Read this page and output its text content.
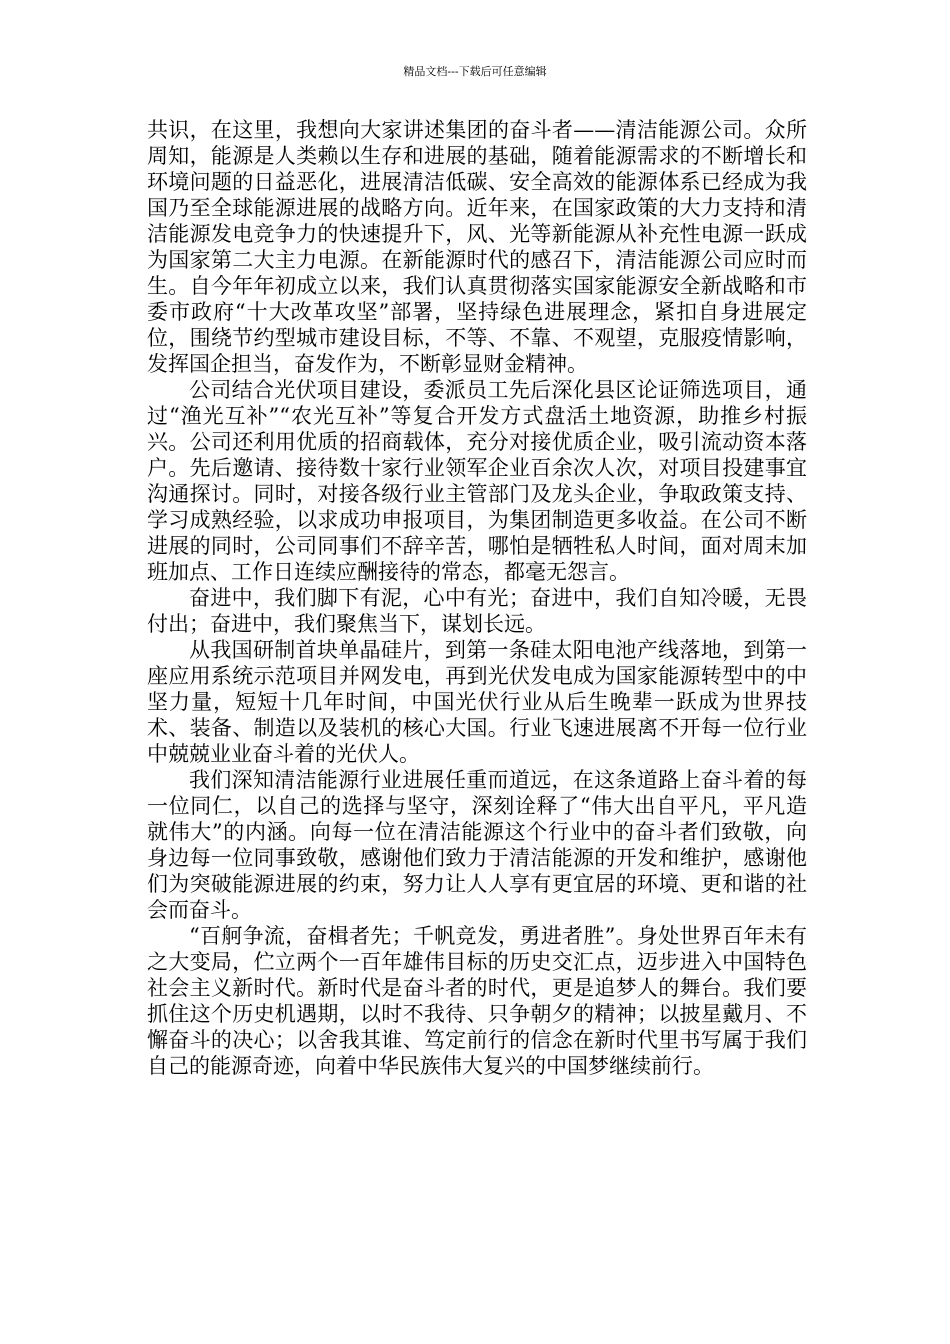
精品文档---下载后可任意编辑

共识，在这里，我想向大家讲述集团的奋斗者——清洁能源公司。众所周知，能源是人类赖以生存和进展的基础，随着能源需求的不断增长和环境问题的日益恶化，进展清洁低碳、安全高效的能源体系已经成为我国乃至全球能源进展的战略方向。近年来，在国家政策的大力支持和清洁能源发电竞争力的快速提升下，风、光等新能源从补充性电源一跃成为国家第二大主力电源。在新能源时代的感召下，清洁能源公司应时而生。自今年年初成立以来，我们认真贯彻落实国家能源安全新战略和市委市政府“十大改革攻坚”部署，坚持绿色进展理念，紧扣自身进展定位，围绕节约型城市建设目标，不等、不靠、不观望，克服疫情影响，发挥国企担当，奋发作为，不断彰显财金精神。

公司结合光伏项目建设，委派员工先后深化县区论证筛选项目，通过“渔光互补”“农光互补”等复合开发方式盘活土地资源，助推乡村振兴。公司还利用优质的招商载体，充分对接优质企业，吸引流动资本落户。先后邀请、接待数十家行业领军企业百余次人次，对项目投建事宜沟通探讨。同时，对接各级行业主管部门及龙头企业，争取政策支持、学习成熟经验，以求成功申报项目，为集团制造更多收益。在公司不断进展的同时，公司同事们不辞辛苦，哪怕是牺牲私人时间，面对周末加班加点、工作日连续应酬接待的常态，都毫无怨言。

奋进中，我们脚下有泥，心中有光；奋进中，我们自知冷暖，无畏付出；奋进中，我们聚焦当下，谋划长远。

从我国研制首块单晶硅片，到第一条硅太阳电池产线落地，到第一座应用系统示范项目并网发电，再到光伏发电成为国家能源转型中的中坚力量，短短十几年时间，中国光伏行业从后生晚辈一跃成为世界技术、装备、制造以及装机的核心大国。行业飞速进展离不开每一位行业中兢兢业业奋斗着的光伏人。

我们深知清洁能源行业进展任重而道远，在这条道路上奋斗着的每一位同仁，以自己的选择与坚守，深刻诠释了“伟大出自平凡，平凡造就伟大”的内涵。向每一位在清洁能源这个行业中的奋斗者们致敬，向身边每一位同事致敬，感谢他们致力于清洁能源的开发和维护，感谢他们为突破能源进展的约束，努力让人人享有更宜居的环境、更和谐的社会而奋斗。

“百舸争流，奋楫者先；千帆竞发，勇进者胜”。身处世界百年未有之大变局，伫立两个一百年雄伟目标的历史交汇点，迈步进入中国特色社会主义新时代。新时代是奋斗者的时代，更是追梦人的舞台。我们要抓住这个历史机遇期，以时不我待、只争朝夕的精神；以披星戴月、不懈奋斗的决心；以舍我其谁、笃定前行的信念在新时代里书写属于我们自己的能源奇迹，向着中华民族伟大复兴的中国梦继续前行。
